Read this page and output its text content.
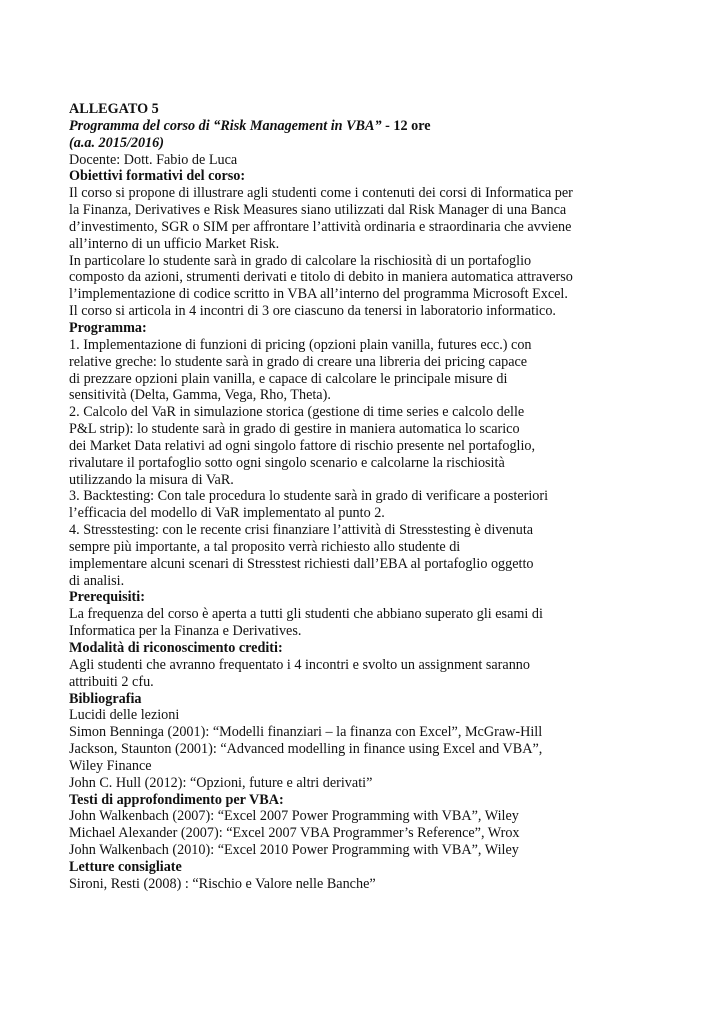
ALLEGATO 5
Programma del corso di “Risk Management in VBA” - 12 ore
(a.a. 2015/2016)
Docente: Dott. Fabio de Luca
Obiettivi formativi del corso:
Il corso si propone di illustrare agli studenti come i contenuti dei corsi di Informatica per
la Finanza, Derivatives e Risk Measures siano utilizzati dal Risk Manager di una Banca
d’investimento, SGR o SIM per affrontare l’attività ordinaria e straordinaria che avviene
all’interno di un ufficio Market Risk.
In particolare lo studente sarà in grado di calcolare la rischiosità di un portafoglio
composto da azioni, strumenti derivati e titolo di debito in maniera automatica attraverso
l’implementazione di codice scritto in VBA all’interno del programma Microsoft Excel.
Il corso si articola in 4 incontri di 3 ore ciascuno da tenersi in laboratorio informatico.
Programma:
1. Implementazione di funzioni di pricing (opzioni plain vanilla, futures ecc.) con
relative greche: lo studente sarà in grado di creare una libreria dei pricing capace
di prezzare opzioni plain vanilla, e capace di calcolare le principale misure di
sensitività (Delta, Gamma, Vega, Rho, Theta).
2. Calcolo del VaR in simulazione storica (gestione di time series e calcolo delle
P&L strip): lo studente sarà in grado di gestire in maniera automatica lo scarico
dei Market Data relativi ad ogni singolo fattore di rischio presente nel portafoglio,
rivalutare il portafoglio sotto ogni singolo scenario e calcolarne la rischiosità
utilizzando la misura di VaR.
3. Backtesting: Con tale procedura lo studente sarà in grado di verificare a posteriori
l’efficacia del modello di VaR implementato al punto 2.
4. Stresstesting: con le recente crisi finanziare l’attività di Stresstesting è divenuta
sempre più importante, a tal proposito verrà richiesto allo studente di
implementare alcuni scenari di Stresstest richiesti dall’EBA al portafoglio oggetto
di analisi.
Prerequisiti:
La frequenza del corso è aperta a tutti gli studenti che abbiano superato gli esami di
Informatica per la Finanza e Derivatives.
Modalità di riconoscimento crediti:
Agli studenti che avranno frequentato i 4 incontri e svolto un assignment saranno
attribuiti 2 cfu.
Bibliografia
Lucidi delle lezioni
Simon Benninga (2001): “Modelli finanziari – la finanza con Excel”, McGraw-Hill
Jackson, Staunton (2001): “Advanced modelling in finance using Excel and VBA”,
Wiley Finance
John C. Hull (2012): “Opzioni, future e altri derivati”
Testi di approfondimento per VBA:
John Walkenbach (2007): “Excel 2007 Power Programming with VBA”, Wiley
Michael Alexander (2007): “Excel 2007 VBA Programmer’s Reference”, Wrox
John Walkenbach (2010): “Excel 2010 Power Programming with VBA”, Wiley
Letture consigliate
Sironi, Resti (2008) : “Rischio e Valore nelle Banche”
